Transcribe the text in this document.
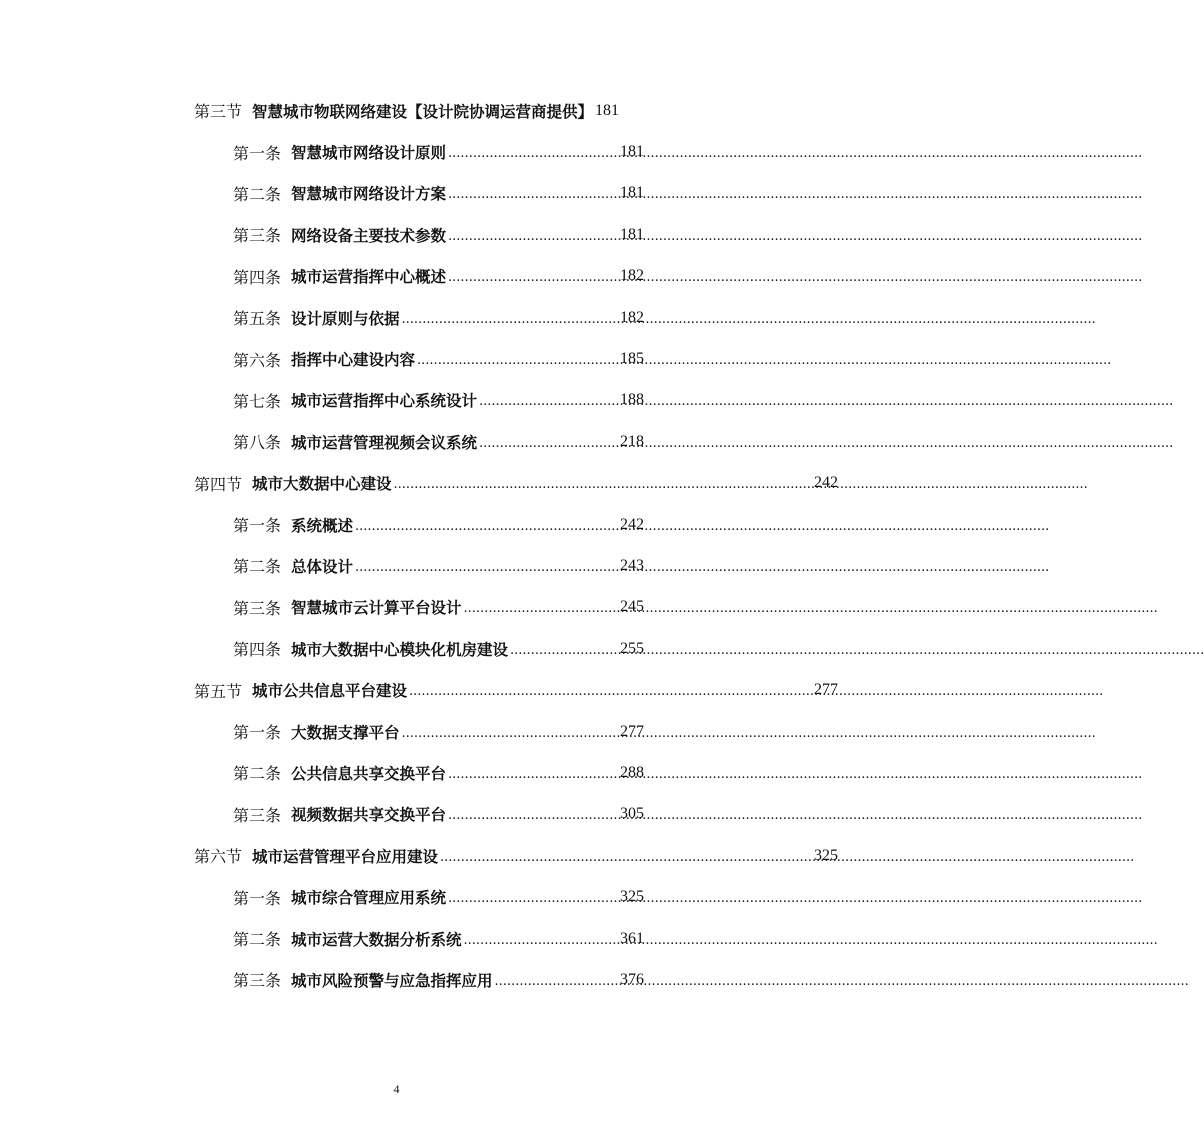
第三节 智慧城市物联网络建设【设计院协调运营商提供】 181
第一条 智慧城市网络设计原则 .....	181
第二条 智慧城市网络设计方案 .....	181
第三条 网络设备主要技术参数 .....	181
第四条 城市运营指挥中心概述 .....	182
第五条 设计原则与依据 .....	182
第六条 指挥中心建设内容 .....	185
第七条 城市运营指挥中心系统设计 .....	188
第八条 城市运营管理视频会议系统 .....	218
第四节 城市大数据中心建设 .....	242
第一条 系统概述 .....	242
第二条 总体设计 .....	243
第三条 智慧城市云计算平台设计 .....	245
第四条 城市大数据中心模块化机房建设 .....	255
第五节 城市公共信息平台建设 .....	277
第一条 大数据支撑平台 .....	277
第二条 公共信息共享交换平台 .....	288
第三条 视频数据共享交换平台 .....	305
第六节 城市运营管理平台应用建设 .....	325
第一条 城市综合管理应用系统 .....	325
第二条 城市运营大数据分析系统 .....	361
第三条 城市风险预警与应急指挥应用 .....	376
4
